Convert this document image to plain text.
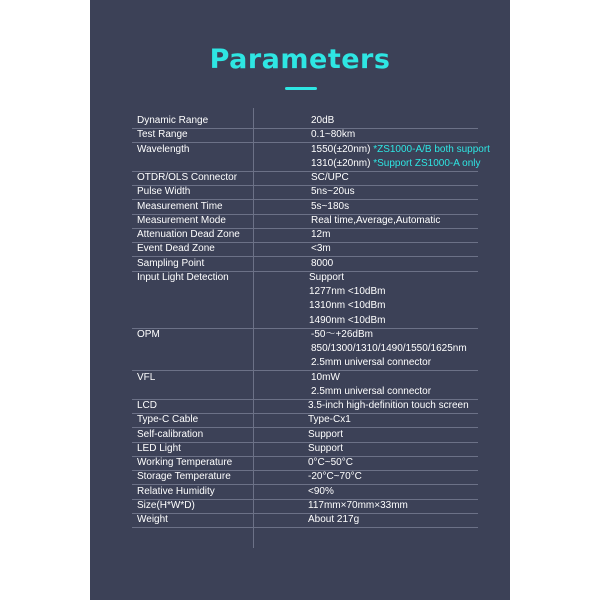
Parameters
Dynamic Range	20dB
Test Range	0.1~80km
Wavelength	1550(±20nm) *ZS1000-A/B both support
1310(±20nm) *Support ZS1000-A only
OTDR/OLS Connector	SC/UPC
Pulse Width	5ns~20us
Measurement Time	5s~180s
Measurement Mode	Real time,Average,Automatic
Attenuation Dead Zone	12m
Event Dead Zone	<3m
Sampling Point	8000
Input Light Detection	Support
1277nm <10dBm
1310nm <10dBm
1490nm <10dBm
OPM	-50～+26dBm
850/1300/1310/1490/1550/1625nm
2.5mm universal connector
VFL	10mW
2.5mm universal connector
LCD	3.5-inch high-definition touch screen
Type-C Cable	Type-Cx1
Self-calibration	Support
LED Light	Support
Working Temperature	0°C~50°C
Storage Temperature	-20°C~70°C
Relative Humidity	<90%
Size(H*W*D)	117mm×70mm×33mm
Weight	About 217g
